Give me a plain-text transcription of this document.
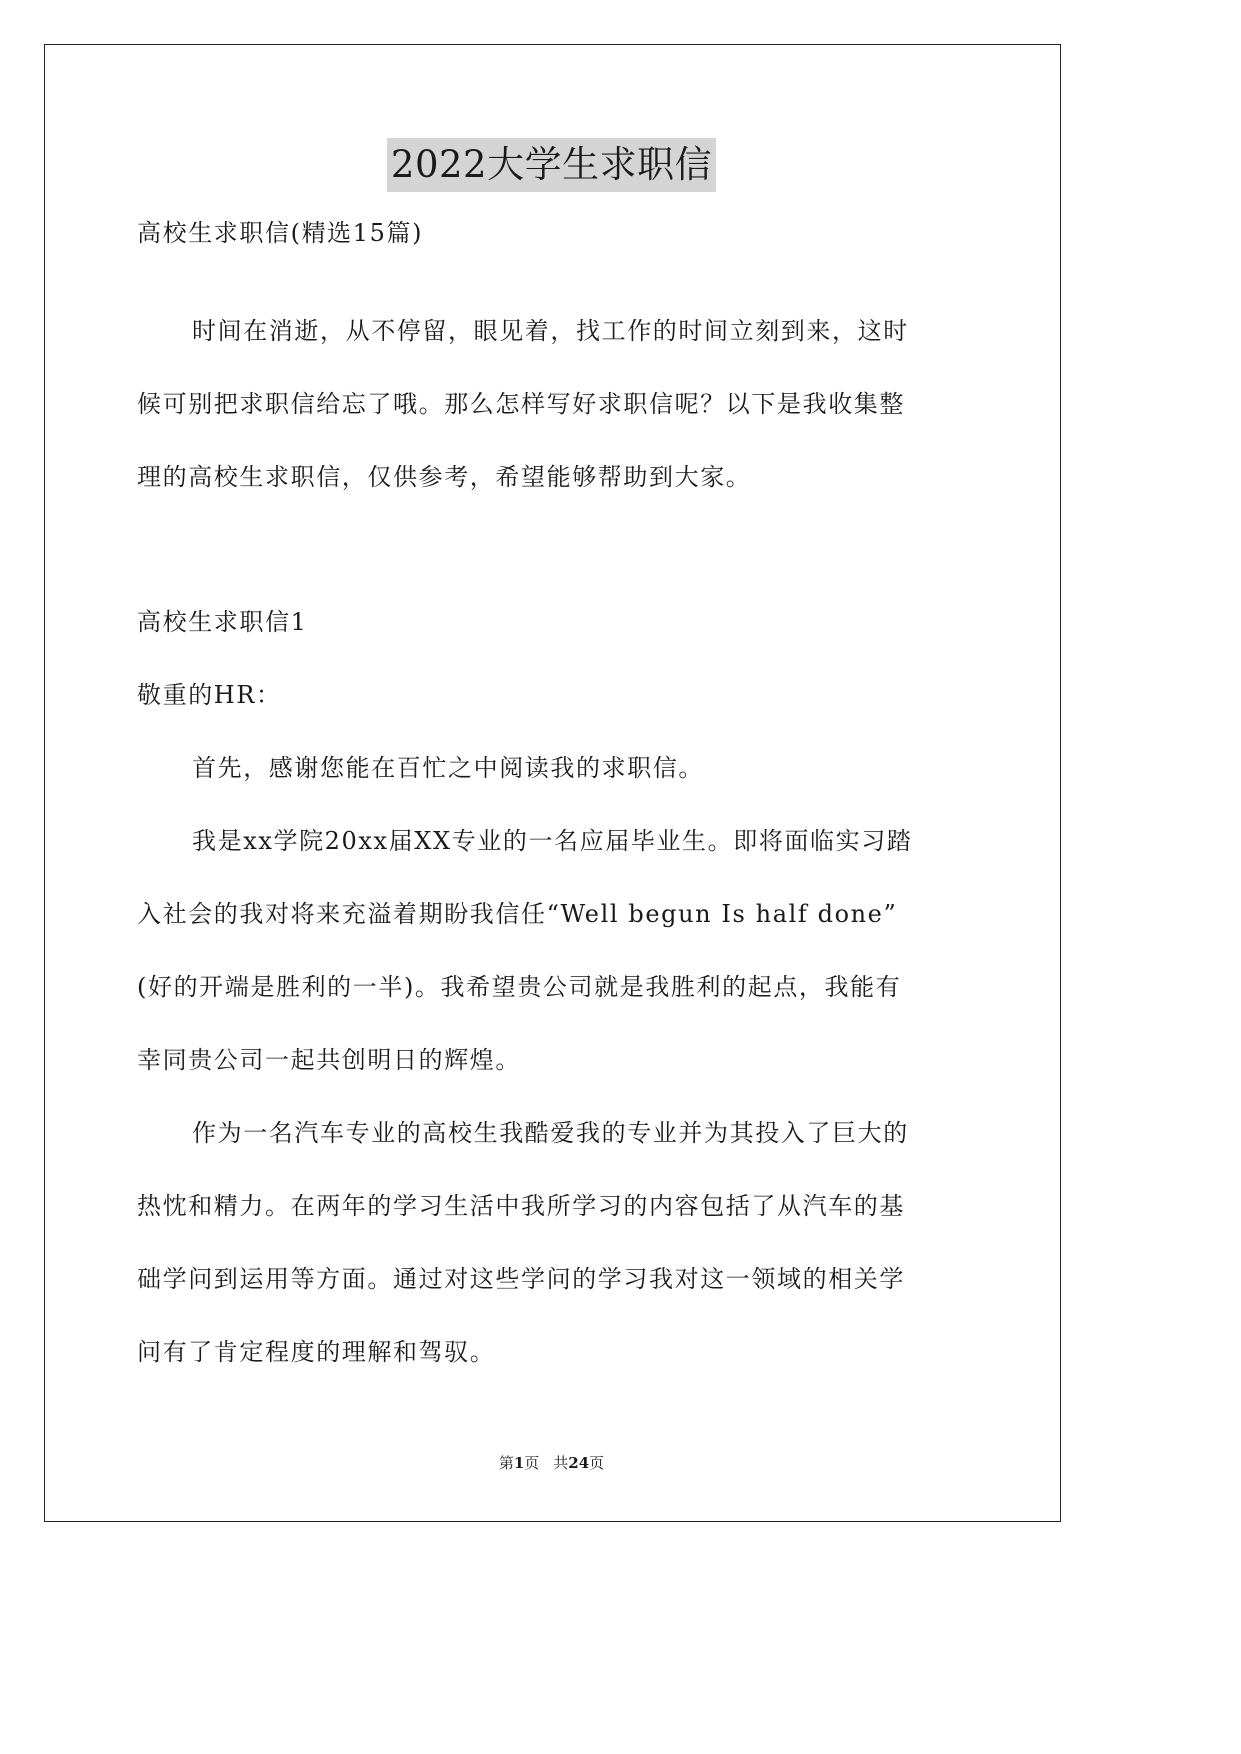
2022大学生求职信
高校生求职信(精选15篇)
时间在消逝，从不停留，眼见着，找工作的时间立刻到来，这时
候可别把求职信给忘了哦。那么怎样写好求职信呢？以下是我收集整
理的高校生求职信，仅供参考，希望能够帮助到大家。
高校生求职信1
敬重的HR：
首先，感谢您能在百忙之中阅读我的求职信。
我是xx学院20xx届XX专业的一名应届毕业生。即将面临实习踏
入社会的我对将来充溢着期盼我信任“Well begun Is half done”
(好的开端是胜利的一半)。我希望贵公司就是我胜利的起点，我能有
幸同贵公司一起共创明日的辉煌。
作为一名汽车专业的高校生我酷爱我的专业并为其投入了巨大的
热忱和精力。在两年的学习生活中我所学习的内容包括了从汽车的基
础学问到运用等方面。通过对这些学问的学习我对这一领域的相关学
问有了肯定程度的理解和驾驭。
第1页 共24页
